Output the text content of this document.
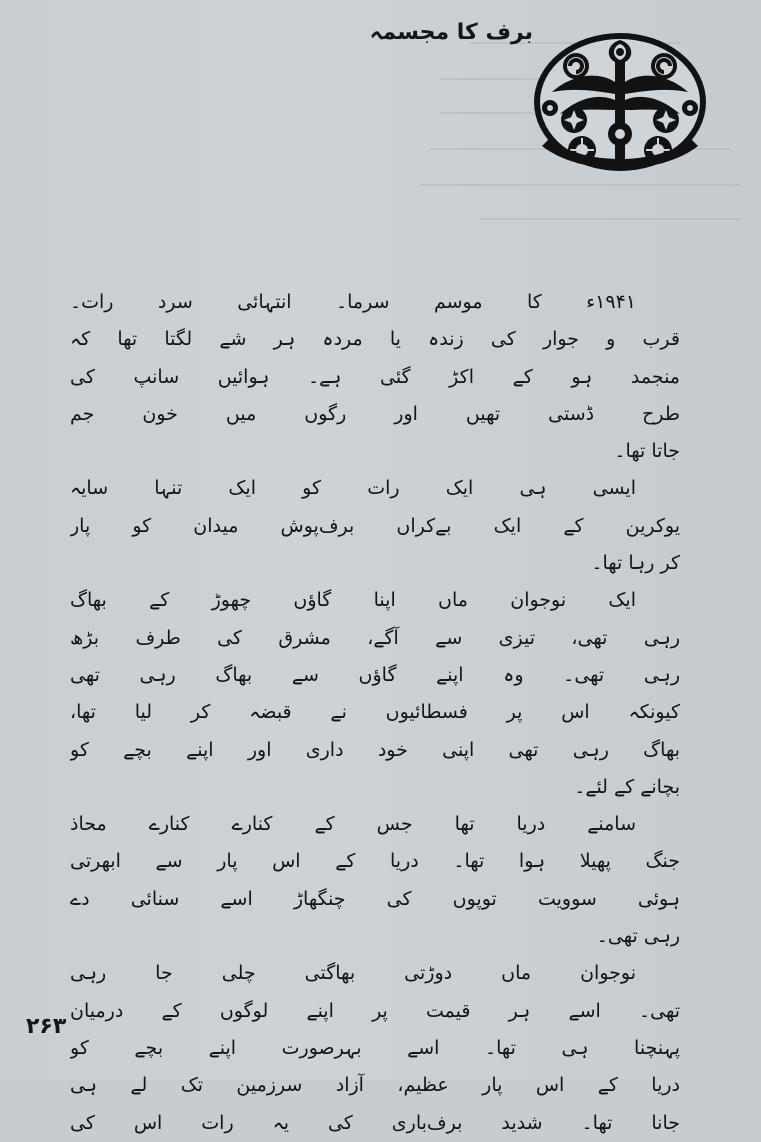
برف کا مجسمہ
۱۹۴۱ء کا موسم سرما۔ انتہائی سرد رات۔
قرب و جوار کی زندہ یا مردہ ہر شے لگتا تھا کہ
منجمد ہو کے اکڑ گئی ہے۔ ہوائیں سانپ کی
طرح ڈستی تھیں اور رگوں میں خون جم
جاتا تھا۔
ایسی ہی ایک رات کو ایک تنہا سایہ
یوکرین کے ایک بےکراں برف‌پوش میدان کو پار
کر رہا تھا۔
ایک نوجوان ماں اپنا گاؤں چھوڑ کے بھاگ
رہی تھی، تیزی سے آگے، مشرق کی طرف بڑھ
رہی تھی۔ وہ اپنے گاؤں سے بھاگ رہی تھی
کیونکہ اس پر فسطائیوں نے قبضہ کر لیا تھا،
بھاگ رہی تھی اپنی خود داری اور اپنے بچے کو
بچانے کے لئے۔
سامنے دریا تھا جس کے کنارے کنارے محاذ
جنگ پھیلا ہوا تھا۔ دریا کے اس پار سے ابھرتی
ہوئی سوویت توپوں کی چنگھاڑ اسے سنائی دے
رہی تھی۔
نوجوان ماں دوڑتی بھاگتی چلی جا رہی
تھی۔ اسے ہر قیمت پر اپنے لوگوں کے درمیان
پہنچنا ہی تھا۔ اسے بہرصورت اپنے بچے کو
دریا کے اس پار عظیم، آزاد سرزمین تک لے ہی
جانا تھا۔ شدید برف‌باری کی یہ رات اس کی
۲۶۳
